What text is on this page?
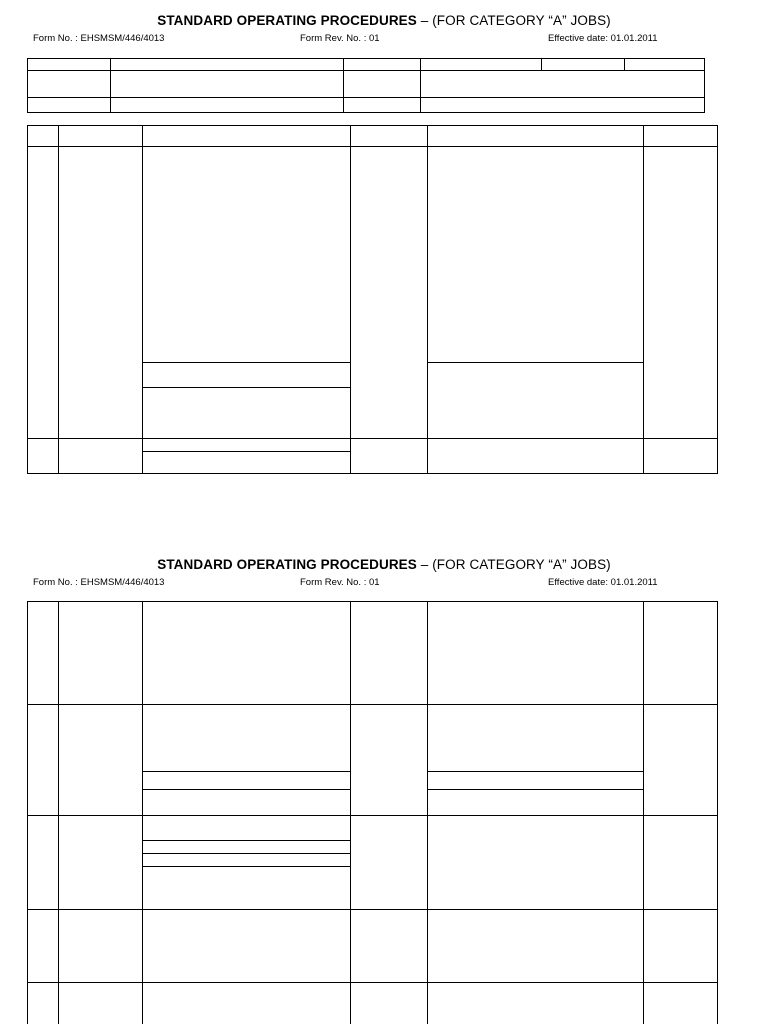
STANDARD OPERATING PROCEDURES – (FOR CATEGORY “A” JOBS)
Form No. : EHSMSM/446/4013	Form Rev. No. : 01	Effective date: 01.01.2011
STANDARD OPERATING PROCEDURES – (FOR CATEGORY “A” JOBS)
Form No. : EHSMSM/446/4013	Form Rev. No. : 01	Effective date: 01.01.2011
